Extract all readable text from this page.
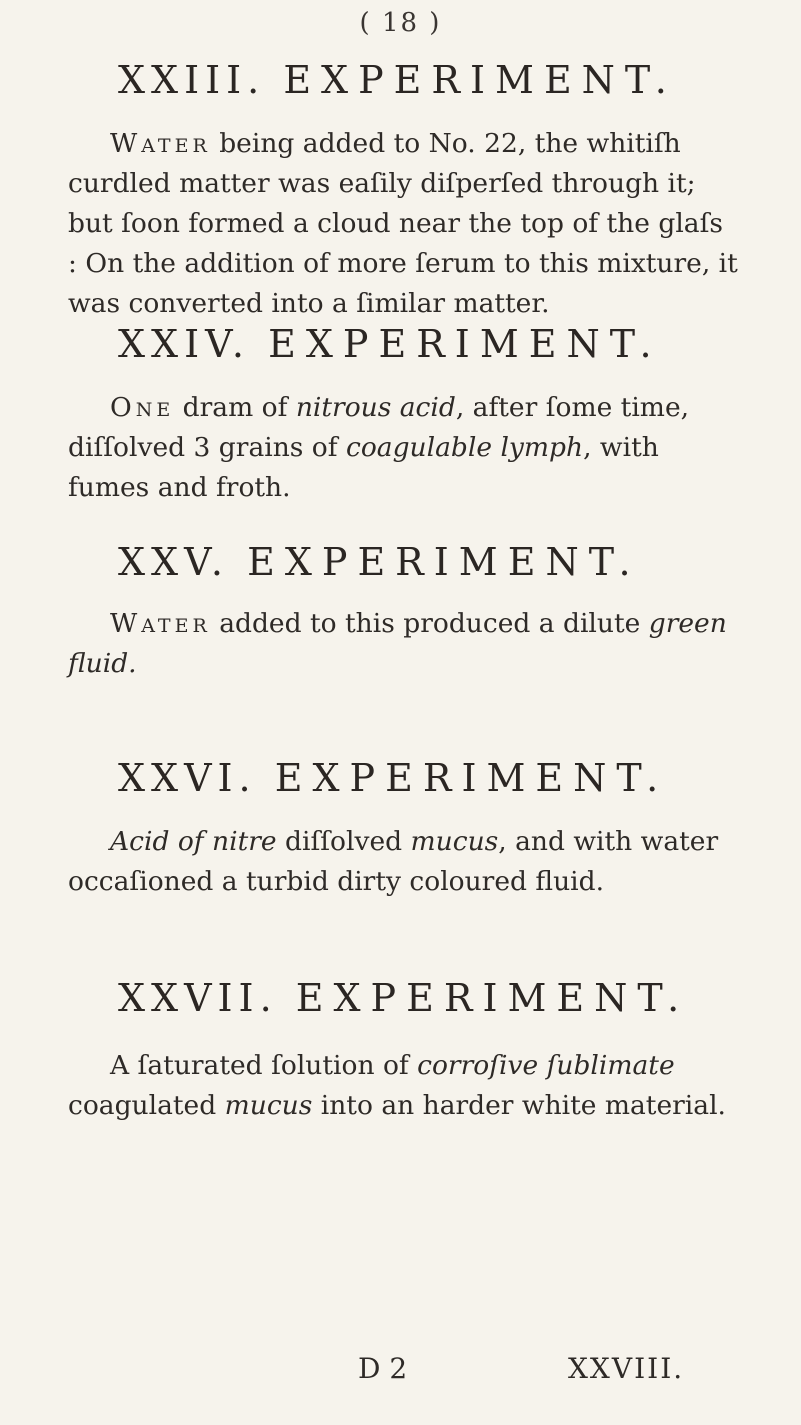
( 18 )
XXIII. EXPERIMENT.

Water being added to No. 22, the whitiſh curdled matter was eaſily diſperſed through it; but ſoon formed a cloud near the top of the glaſs : On the addition of more ſerum to this mixture, it was converted into a ſimilar matter.

XXIV. EXPERIMENT.

One dram of nitrous acid, after ſome time, diſſolved 3 grains of coagulable lymph, with fumes and froth.

XXV. EXPERIMENT.

Water added to this produced a dilute green fluid.

XXVI. EXPERIMENT.

Acid of nitre diſſolved mucus, and with water occaſioned a turbid dirty coloured fluid.

XXVII. EXPERIMENT.

A ſaturated ſolution of corroſive ſublimate coagulated mucus into an harder white material.

D 2	XXVIII.
